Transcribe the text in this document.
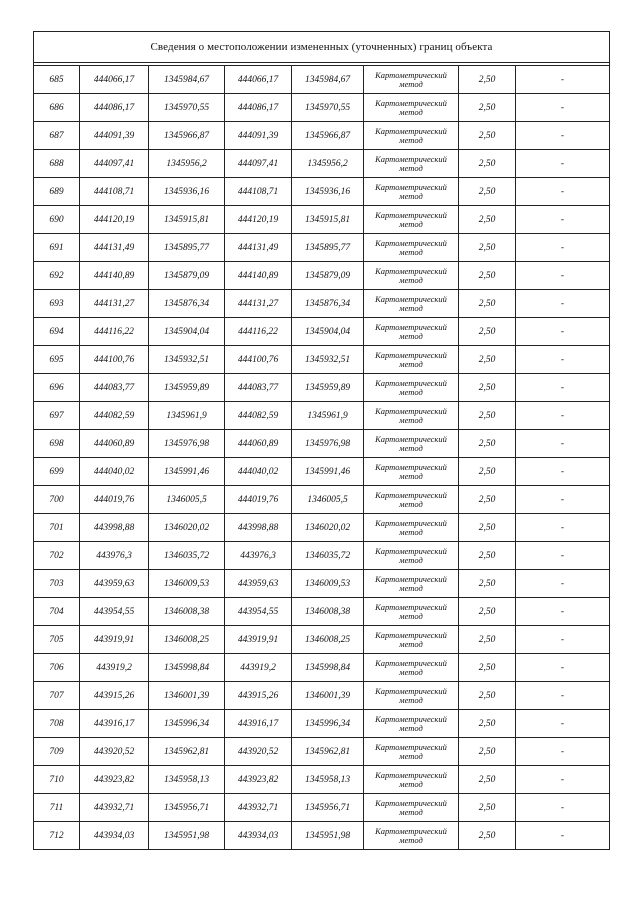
Сведения о местоположении измененных (уточненных) границ объекта							

685	444066,17	1345984,67	444066,17	1345984,67	Картометрический метод	2,50	-
686	444086,17	1345970,55	444086,17	1345970,55	Картометрический метод	2,50	-
687	444091,39	1345966,87	444091,39	1345966,87	Картометрический метод	2,50	-
688	444097,41	1345956,2	444097,41	1345956,2	Картометрический метод	2,50	-
689	444108,71	1345936,16	444108,71	1345936,16	Картометрический метод	2,50	-
690	444120,19	1345915,81	444120,19	1345915,81	Картометрический метод	2,50	-
691	444131,49	1345895,77	444131,49	1345895,77	Картометрический метод	2,50	-
692	444140,89	1345879,09	444140,89	1345879,09	Картометрический метод	2,50	-
693	444131,27	1345876,34	444131,27	1345876,34	Картометрический метод	2,50	-
694	444116,22	1345904,04	444116,22	1345904,04	Картометрический метод	2,50	-
695	444100,76	1345932,51	444100,76	1345932,51	Картометрический метод	2,50	-
696	444083,77	1345959,89	444083,77	1345959,89	Картометрический метод	2,50	-
697	444082,59	1345961,9	444082,59	1345961,9	Картометрический метод	2,50	-
698	444060,89	1345976,98	444060,89	1345976,98	Картометрический метод	2,50	-
699	444040,02	1345991,46	444040,02	1345991,46	Картометрический метод	2,50	-
700	444019,76	1346005,5	444019,76	1346005,5	Картометрический метод	2,50	-
701	443998,88	1346020,02	443998,88	1346020,02	Картометрический метод	2,50	-
702	443976,3	1346035,72	443976,3	1346035,72	Картометрический метод	2,50	-
703	443959,63	1346009,53	443959,63	1346009,53	Картометрический метод	2,50	-
704	443954,55	1346008,38	443954,55	1346008,38	Картометрический метод	2,50	-
705	443919,91	1346008,25	443919,91	1346008,25	Картометрический метод	2,50	-
706	443919,2	1345998,84	443919,2	1345998,84	Картометрический метод	2,50	-
707	443915,26	1346001,39	443915,26	1346001,39	Картометрический метод	2,50	-
708	443916,17	1345996,34	443916,17	1345996,34	Картометрический метод	2,50	-
709	443920,52	1345962,81	443920,52	1345962,81	Картометрический метод	2,50	-
710	443923,82	1345958,13	443923,82	1345958,13	Картометрический метод	2,50	-
711	443932,71	1345956,71	443932,71	1345956,71	Картометрический метод	2,50	-
712	443934,03	1345951,98	443934,03	1345951,98	Картометрический метод	2,50	-
